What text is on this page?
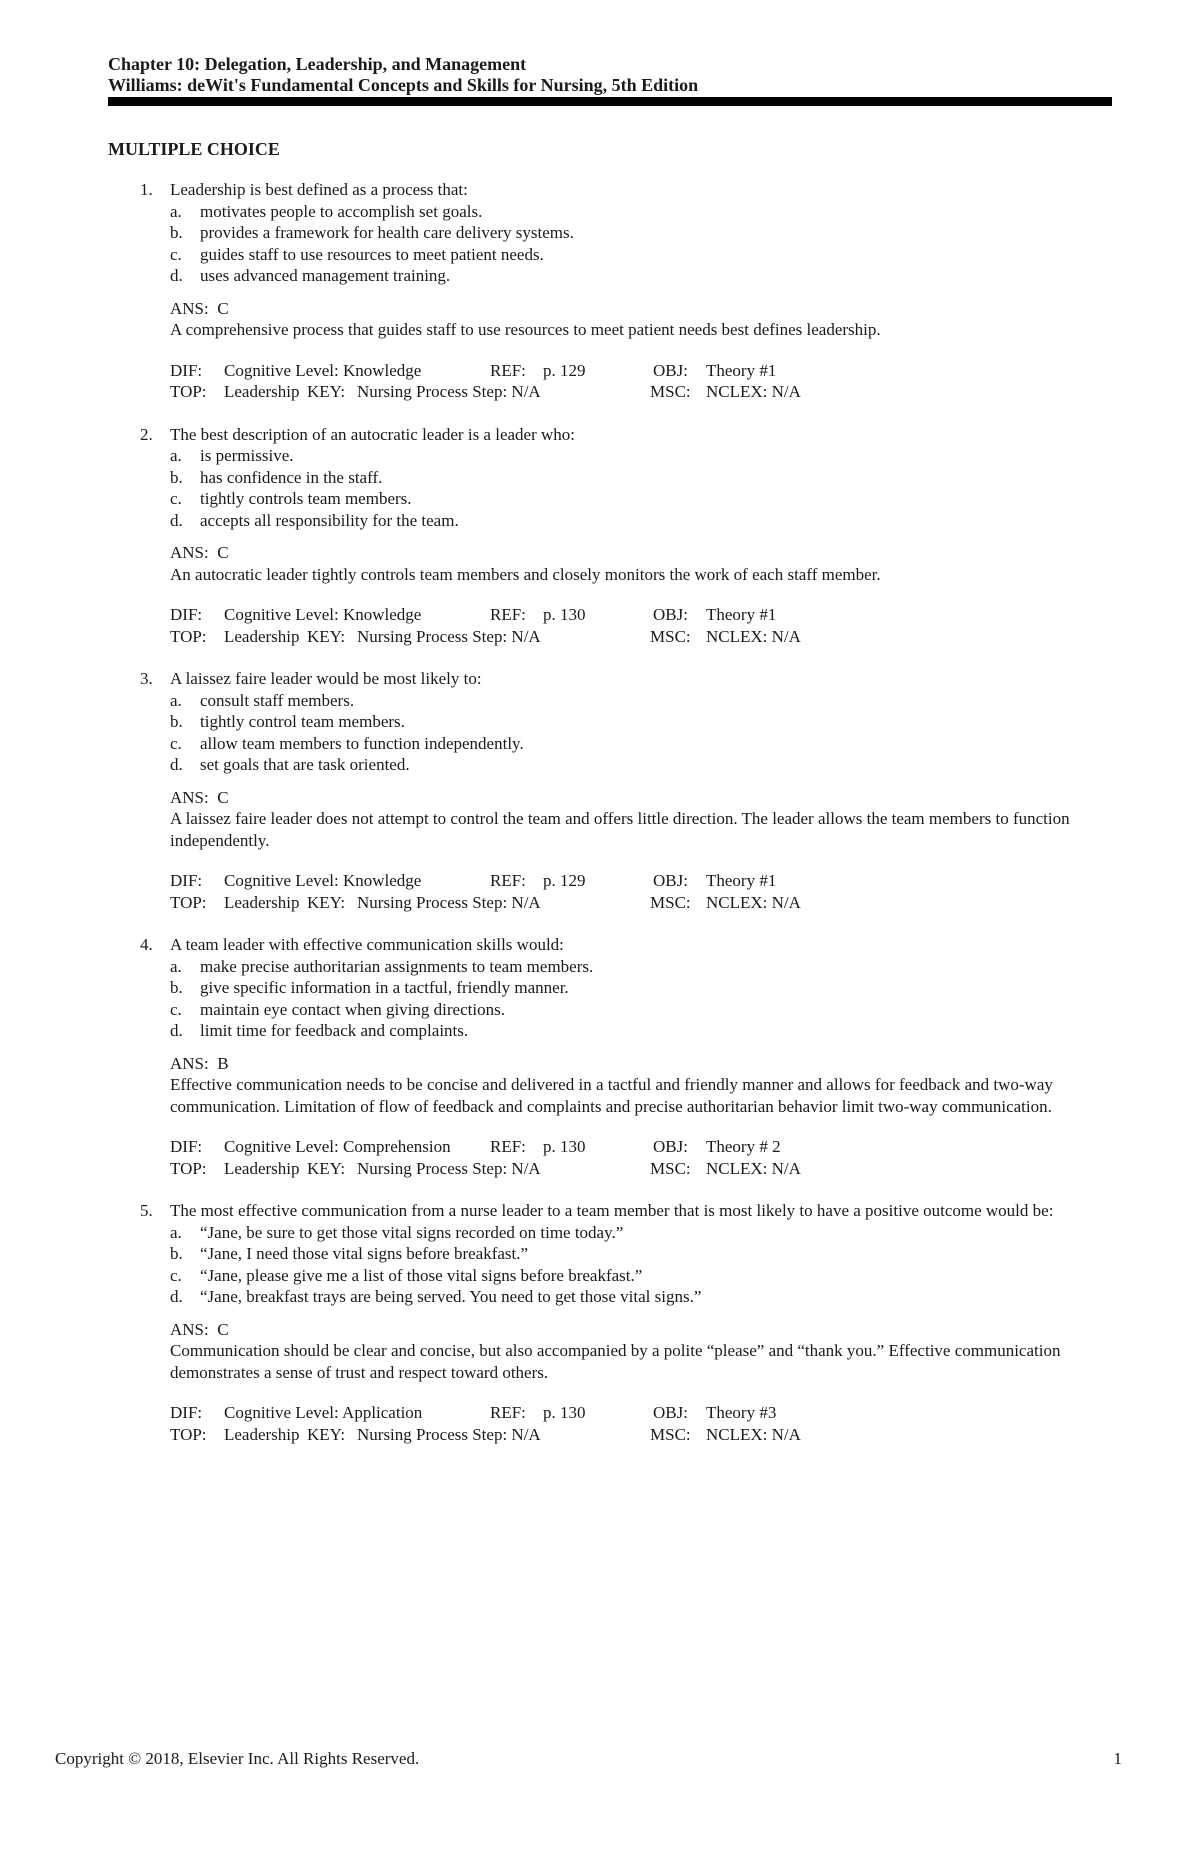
Chapter 10: Delegation, Leadership, and Management
Williams: deWit's Fundamental Concepts and Skills for Nursing, 5th Edition
MULTIPLE CHOICE
1. Leadership is best defined as a process that:
a. motivates people to accomplish set goals.
b. provides a framework for health care delivery systems.
c. guides staff to use resources to meet patient needs.
d. uses advanced management training.
ANS: C
A comprehensive process that guides staff to use resources to meet patient needs best defines leadership.
DIF: Cognitive Level: Knowledge	REF: p. 129	OBJ: Theory #1
TOP: Leadership KEY: Nursing Process Step: N/A	MSC: NCLEX: N/A
2. The best description of an autocratic leader is a leader who:
a. is permissive.
b. has confidence in the staff.
c. tightly controls team members.
d. accepts all responsibility for the team.
ANS: C
An autocratic leader tightly controls team members and closely monitors the work of each staff member.
DIF: Cognitive Level: Knowledge	REF: p. 130	OBJ: Theory #1
TOP: Leadership KEY: Nursing Process Step: N/A	MSC: NCLEX: N/A
3. A laissez faire leader would be most likely to:
a. consult staff members.
b. tightly control team members.
c. allow team members to function independently.
d. set goals that are task oriented.
ANS: C
A laissez faire leader does not attempt to control the team and offers little direction. The leader allows the team members to function independently.
DIF: Cognitive Level: Knowledge	REF: p. 129	OBJ: Theory #1
TOP: Leadership KEY: Nursing Process Step: N/A	MSC: NCLEX: N/A
4. A team leader with effective communication skills would:
a. make precise authoritarian assignments to team members.
b. give specific information in a tactful, friendly manner.
c. maintain eye contact when giving directions.
d. limit time for feedback and complaints.
ANS: B
Effective communication needs to be concise and delivered in a tactful and friendly manner and allows for feedback and two-way communication. Limitation of flow of feedback and complaints and precise authoritarian behavior limit two-way communication.
DIF: Cognitive Level: Comprehension REF: p. 130	OBJ: Theory # 2
TOP: Leadership KEY: Nursing Process Step: N/A	MSC: NCLEX: N/A
5. The most effective communication from a nurse leader to a team member that is most likely to have a positive outcome would be:
a. “Jane, be sure to get those vital signs recorded on time today.”
b. “Jane, I need those vital signs before breakfast.”
c. “Jane, please give me a list of those vital signs before breakfast.”
d. “Jane, breakfast trays are being served. You need to get those vital signs.”
ANS: C
Communication should be clear and concise, but also accompanied by a polite “please” and “thank you.” Effective communication demonstrates a sense of trust and respect toward others.
DIF: Cognitive Level: Application	REF: p. 130	OBJ: Theory #3
TOP: Leadership KEY: Nursing Process Step: N/A	MSC: NCLEX: N/A
Copyright © 2018, Elsevier Inc. All Rights Reserved.	1
